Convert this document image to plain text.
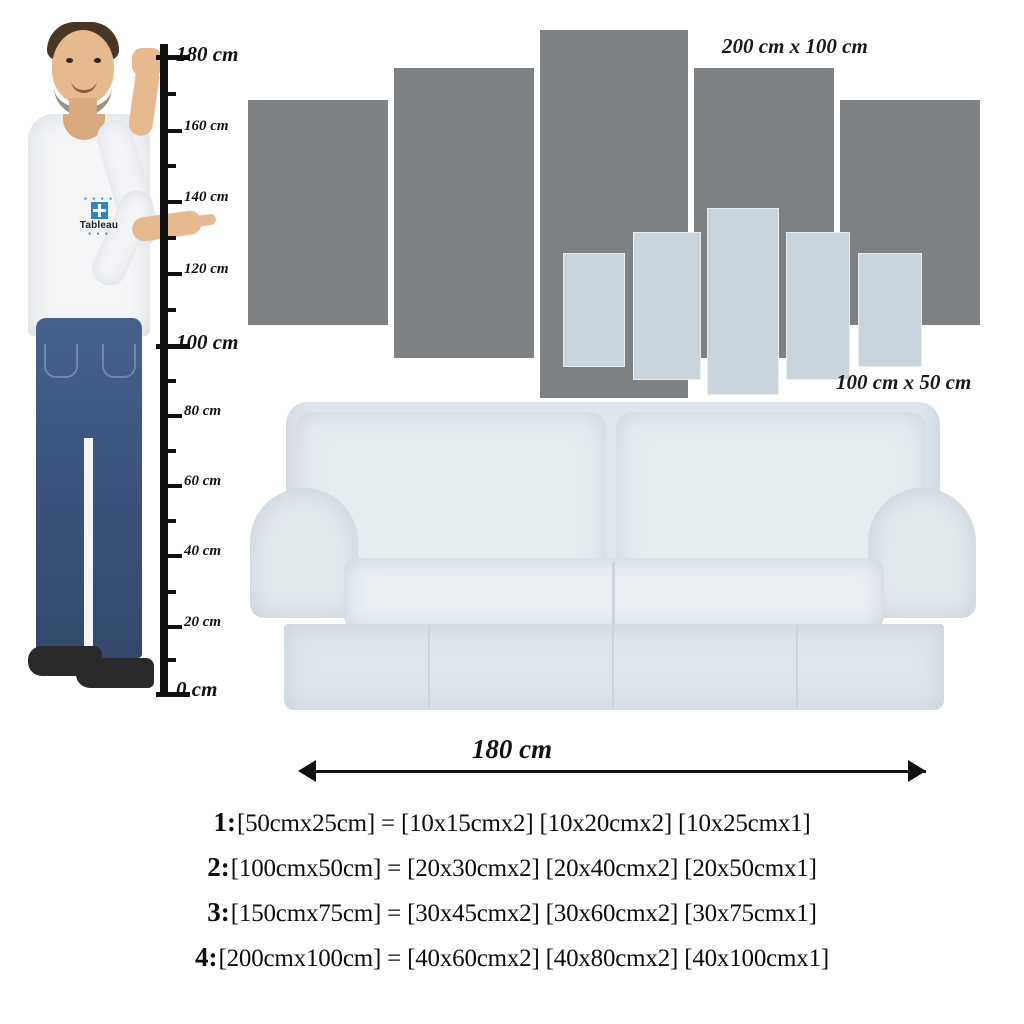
● ● ● ●
Tableau
● ● ●
180 cm
160 cm
140 cm
120 cm
100 cm
80 cm
60 cm
40 cm
20 cm
0 cm
200 cm x 100 cm
100 cm x 50 cm
180 cm
1: [50cmx25cm] = [10x15cmx2] [10x20cmx2] [10x25cmx1]
2: [100cmx50cm] = [20x30cmx2] [20x40cmx2] [20x50cmx1]
3: [150cmx75cm] = [30x45cmx2] [30x60cmx2] [30x75cmx1]
4: [200cmx100cm] = [40x60cmx2] [40x80cmx2] [40x100cmx1]
